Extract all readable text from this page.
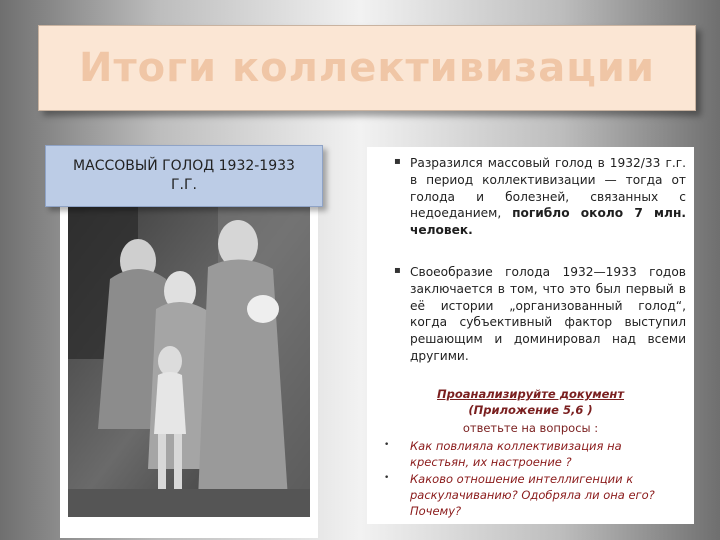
Итоги коллективизации
МАССОВЫЙ ГОЛОД 1932-1933 Г.Г.
▪ Разразился массовый голод в 1932/33 г.г. в период коллективизации — тогда от голода и болезней, связанных с недоеданием, погибло около 7 млн. человек.
▪ Своеобразие голода 1932—1933 годов заключается в том, что это был первый в её истории „организованный голод“, когда субъективный фактор выступил решающим и доминировал над всеми другими.
Проанализируйте документ
(Приложение 5,6 )
ответьте на вопросы :
• Как повлияла коллективизация на крестьян, их настроение ?
• Каково отношение интеллигенции к раскулачиванию? Одобряла ли она его? Почему?
